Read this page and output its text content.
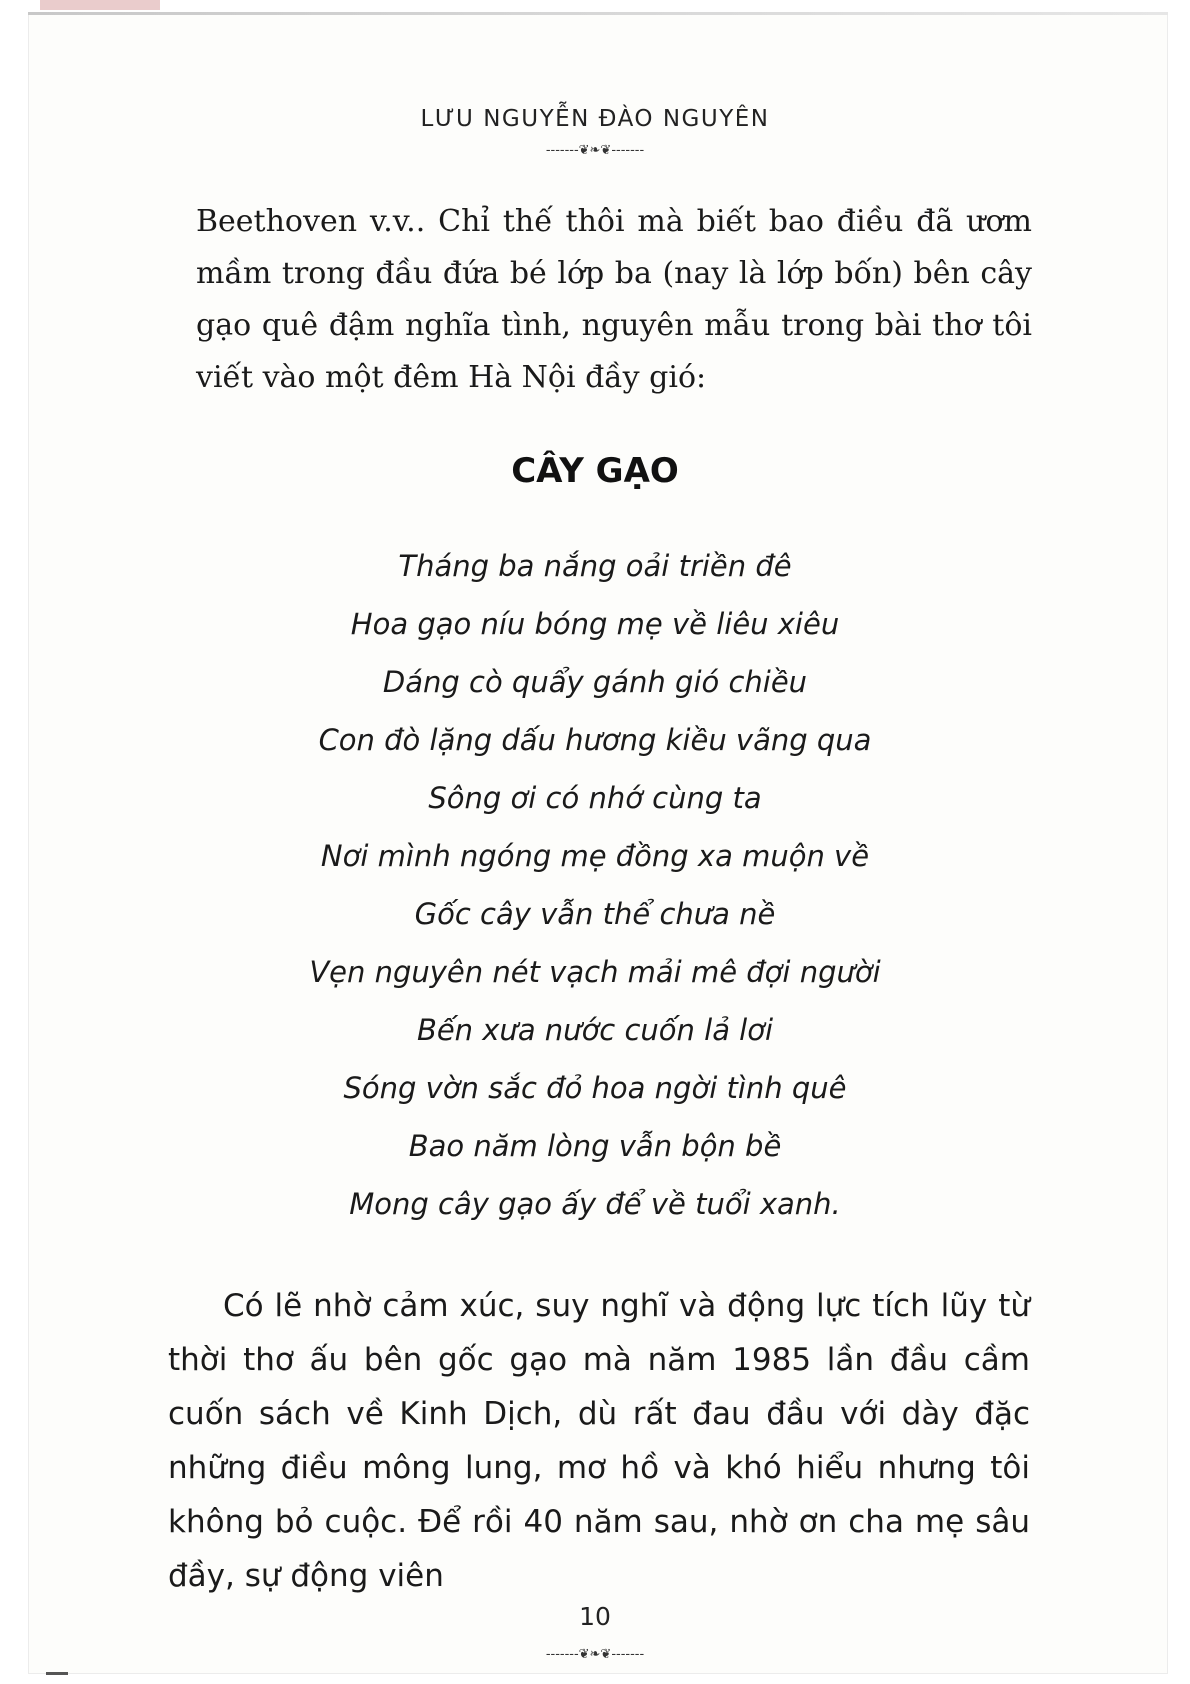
LƯU NGUYỄN ĐÀO NGUYÊN
-------❦❧❦-------

Beethoven v.v.. Chỉ thế thôi mà biết bao điều đã ươm mầm trong đầu đứa bé lớp ba (nay là lớp bốn) bên cây gạo quê đậm nghĩa tình, nguyên mẫu trong bài thơ tôi viết vào một đêm Hà Nội đầy gió:

CÂY GẠO
Tháng ba nắng oải triền đê
Hoa gạo níu bóng mẹ về liêu xiêu
Dáng cò quẩy gánh gió chiều
Con đò lặng dấu hương kiều vãng qua
Sông ơi có nhớ cùng ta
Nơi mình ngóng mẹ đồng xa muộn về
Gốc cây vẫn thể chưa nề
Vẹn nguyên nét vạch mải mê đợi người
Bến xưa nước cuốn lả lơi
Sóng vờn sắc đỏ hoa ngời tình quê
Bao năm lòng vẫn bộn bề
Mong cây gạo ấy để về tuổi xanh.

Có lẽ nhờ cảm xúc, suy nghĩ và động lực tích lũy từ thời thơ ấu bên gốc gạo mà năm 1985 lần đầu cầm cuốn sách về Kinh Dịch, dù rất đau đầu với dày đặc những điều mông lung, mơ hồ và khó hiểu nhưng tôi không bỏ cuộc. Để rồi 40 năm sau, nhờ ơn cha mẹ sâu đầy, sự động viên

10
-------❦❧❦-------
